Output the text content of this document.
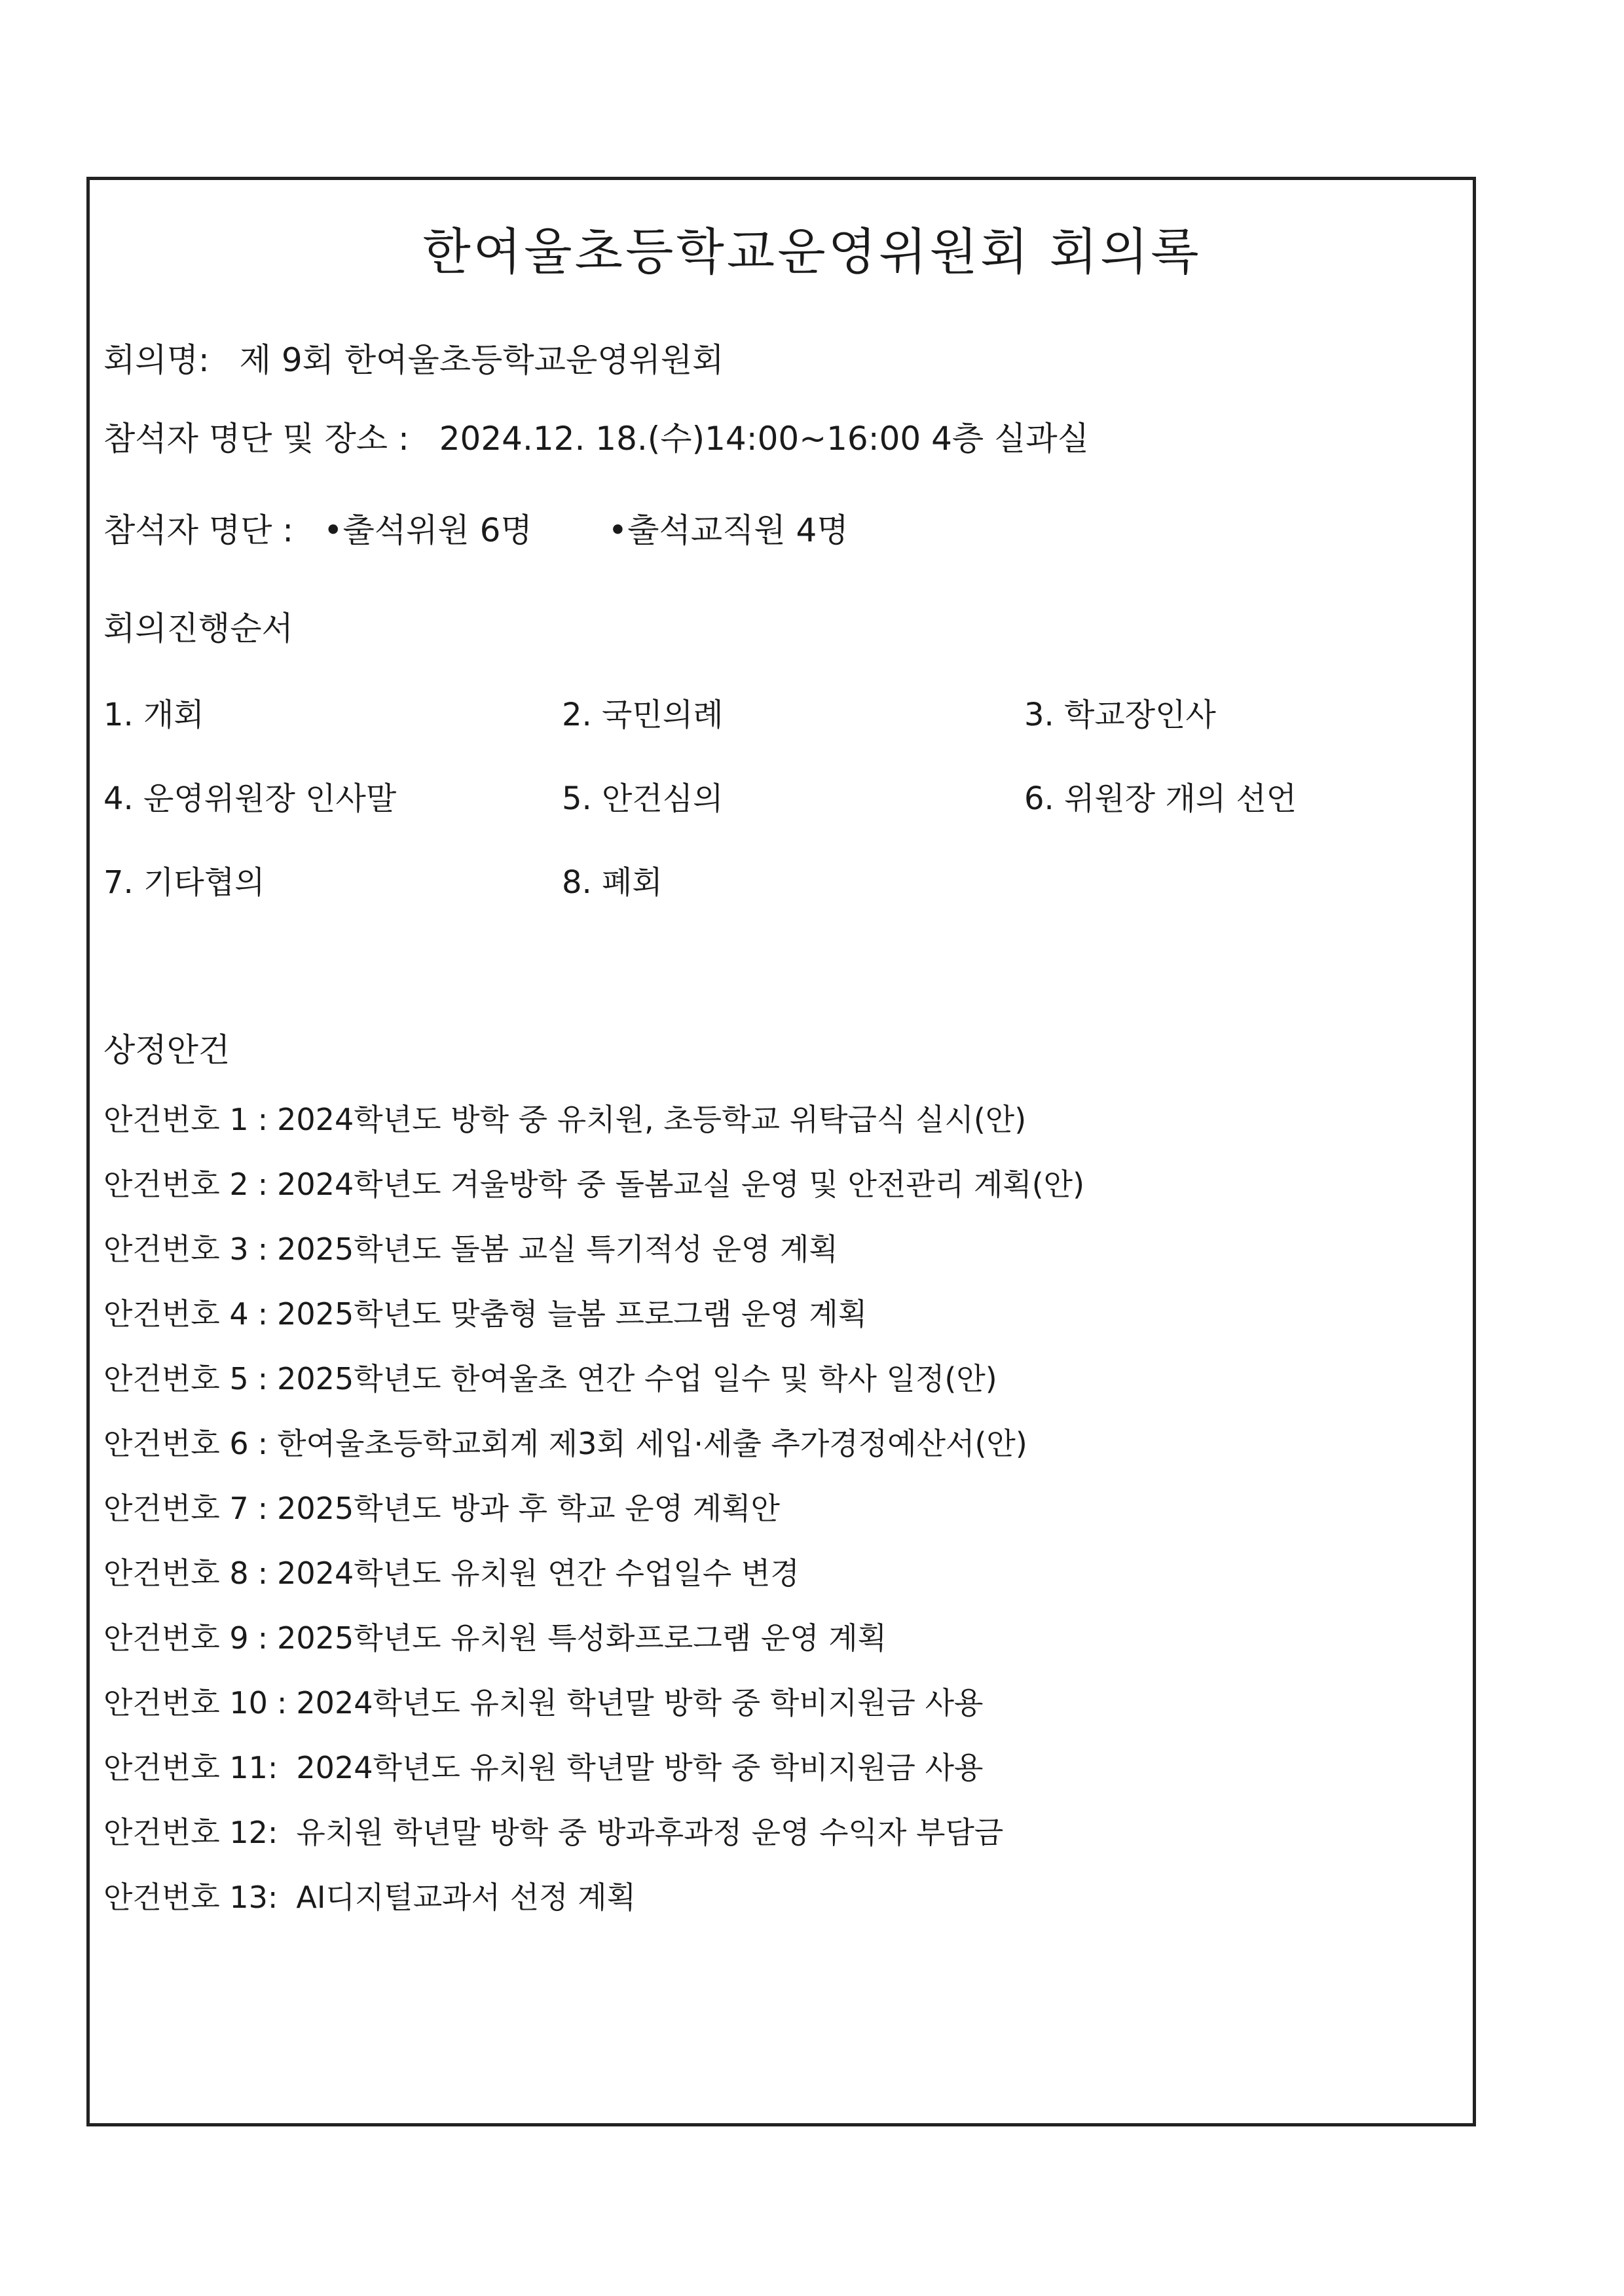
한여울초등학교운영위원회 회의록
회의명: 제 9회 한여울초등학교운영위원회
참석자 명단 및 장소 : 2024.12. 18.(수)14:00~16:00 4층 실과실
참석자 명단 : •출석위원 6명 •출석교직원 4명
회의진행순서
1. 개회	2. 국민의례	3. 학교장인사
4. 운영위원장 인사말	5. 안건심의	6. 위원장 개의 선언
7. 기타협의	8. 폐회
상정안건
안건번호 1 : 2024학년도 방학 중 유치원, 초등학교 위탁급식 실시(안)
안건번호 2 : 2024학년도 겨울방학 중 돌봄교실 운영 및 안전관리 계획(안)
안건번호 3 : 2025학년도 돌봄 교실 특기적성 운영 계획
안건번호 4 : 2025학년도 맞춤형 늘봄 프로그램 운영 계획
안건번호 5 : 2025학년도 한여울초 연간 수업 일수 및 학사 일정(안)
안건번호 6 : 한여울초등학교회계 제3회 세입·세출 추가경정예산서(안)
안건번호 7 : 2025학년도 방과 후 학교 운영 계획안
안건번호 8 : 2024학년도 유치원 연간 수업일수 변경
안건번호 9 : 2025학년도 유치원 특성화프로그램 운영 계획
안건번호 10 : 2024학년도 유치원 학년말 방학 중 학비지원금 사용
안건번호 11: 2024학년도 유치원 학년말 방학 중 학비지원금 사용
안건번호 12: 유치원 학년말 방학 중 방과후과정 운영 수익자 부담금
안건번호 13: AI디지털교과서 선정 계획
